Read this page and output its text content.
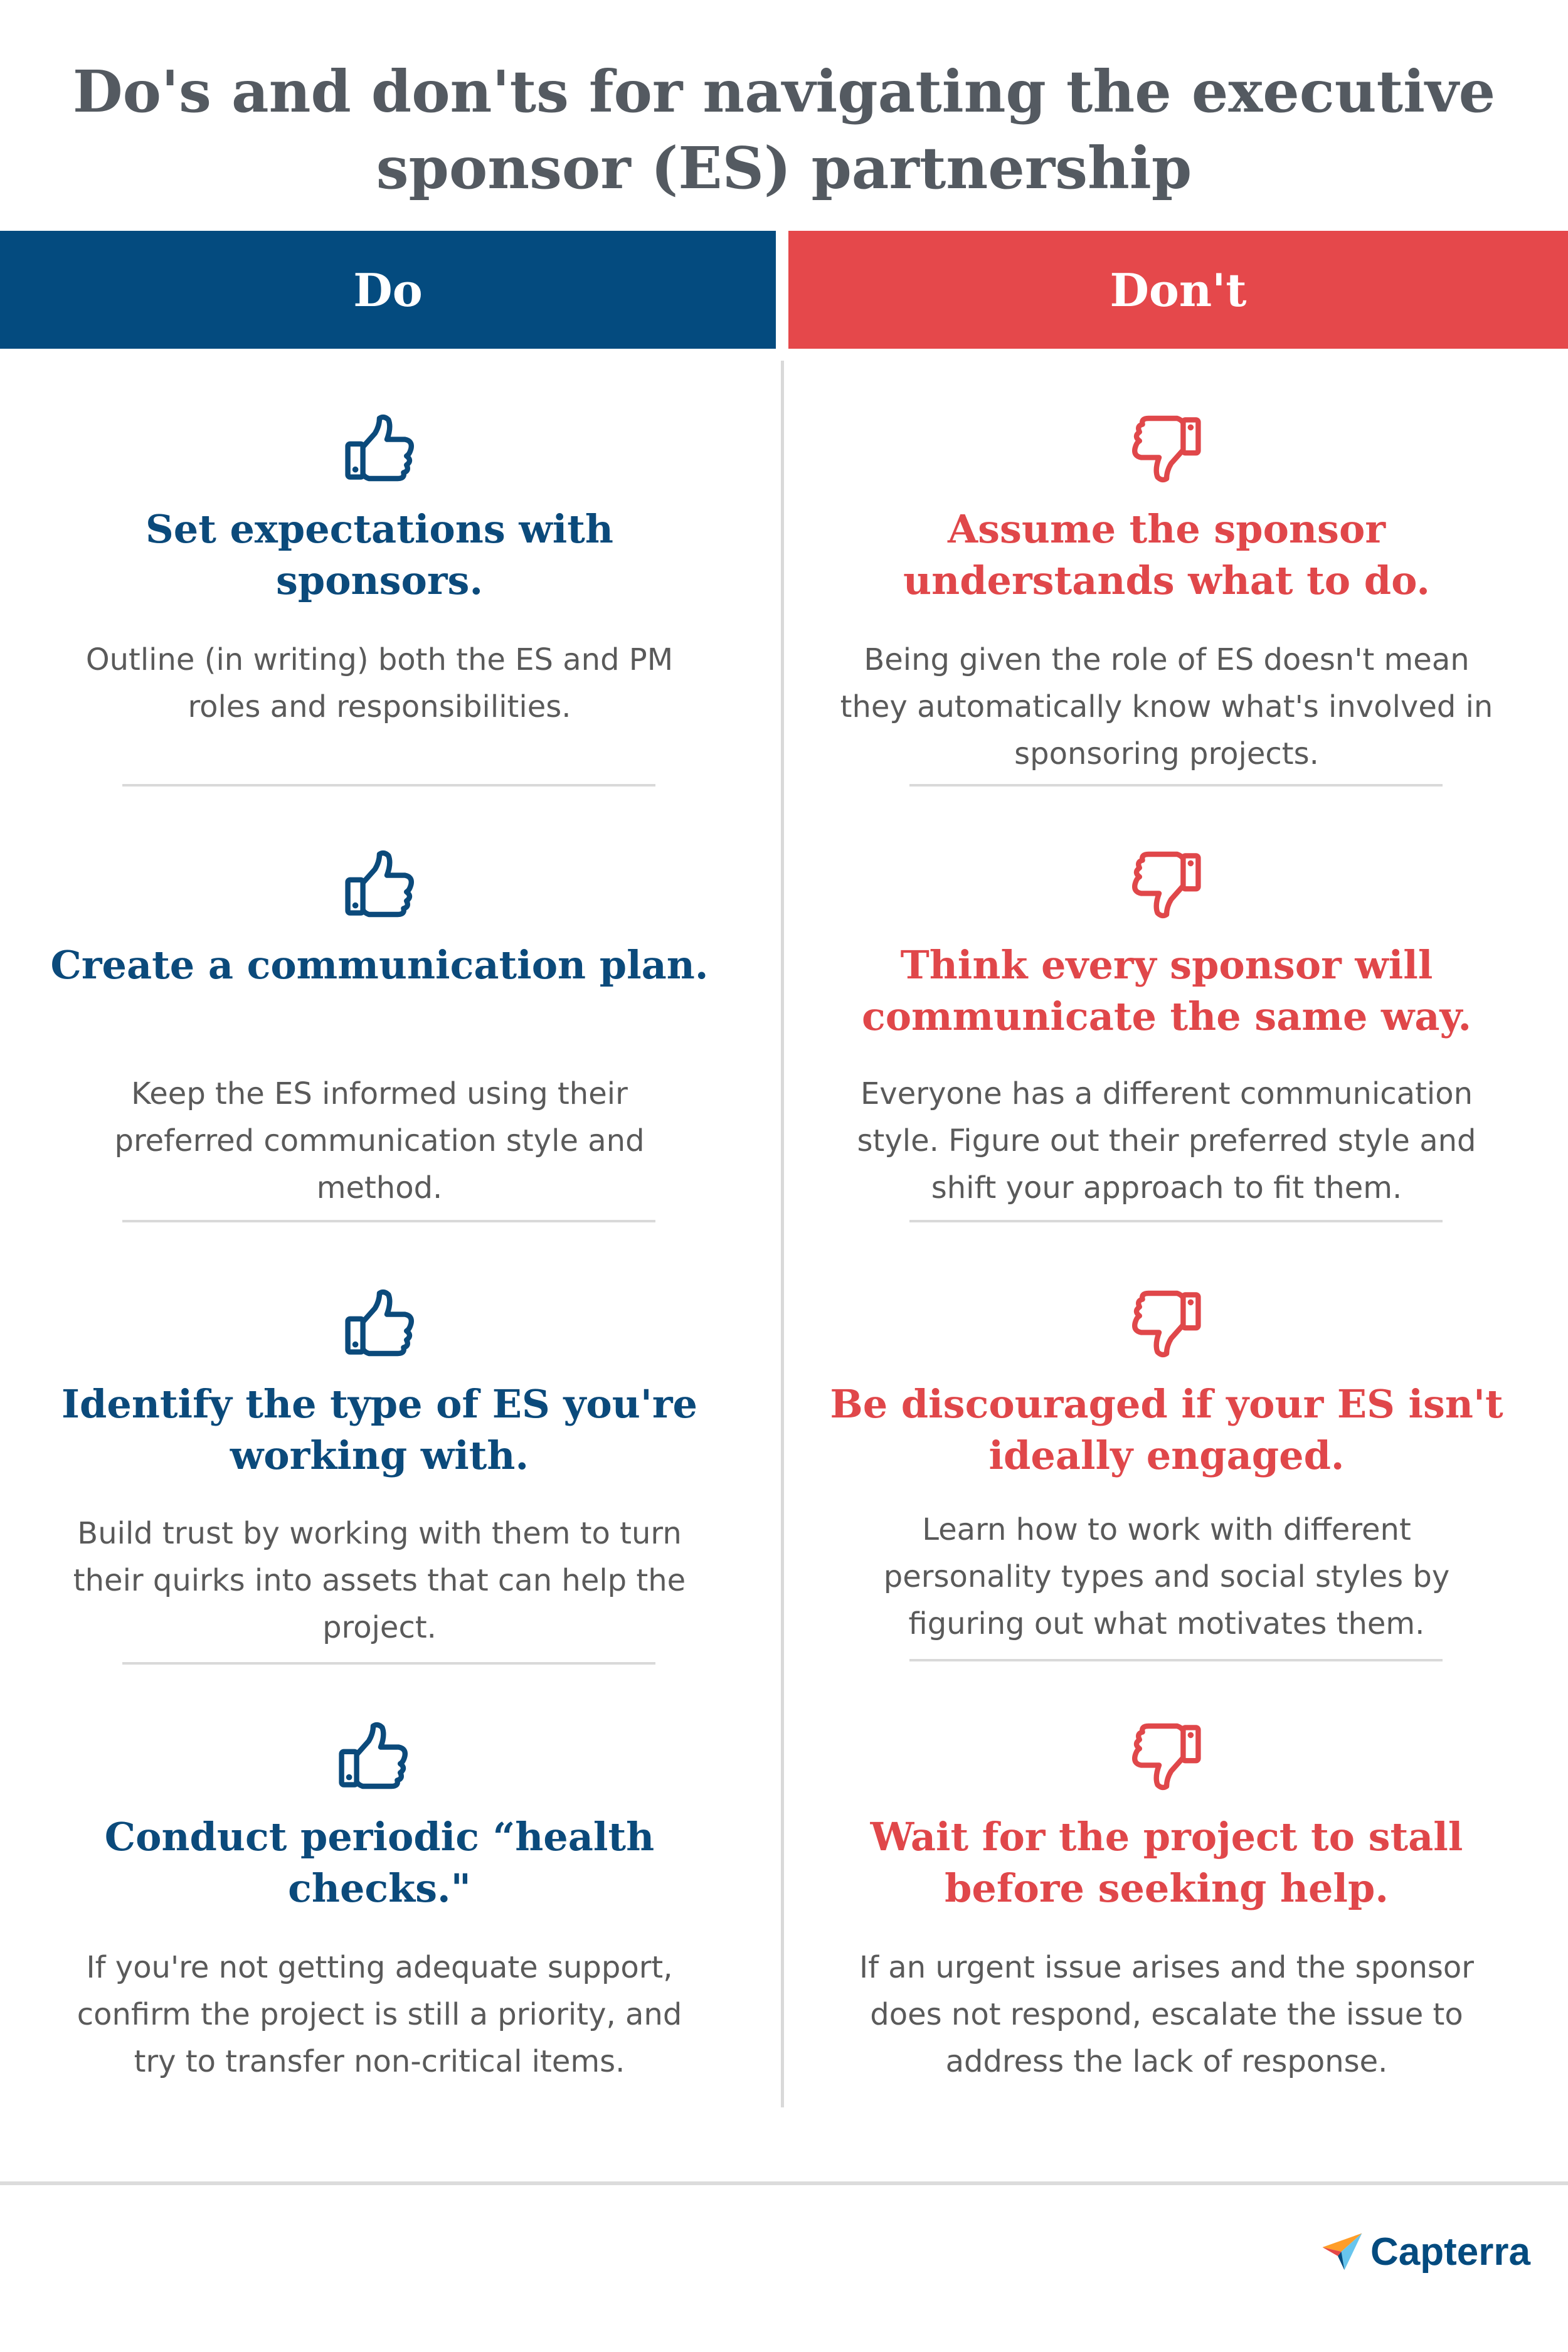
Do's and don'ts for navigating the executive
sponsor (ES) partnership
Do	Don't
Set expectations with
sponsors.

Outline (in writing) both the ES and PM
roles and responsibilities.

Create a communication plan.

Keep the ES informed using their
preferred communication style and
method.

Identify the type of ES you're
working with.

Build trust by working with them to turn
their quirks into assets that can help the
project.

Conduct periodic “health
checks."

If you're not getting adequate support,
confirm the project is still a priority, and
try to transfer non-critical items.

Assume the sponsor
understands what to do.

Being given the role of ES doesn't mean
they automatically know what's involved in
sponsoring projects.

Think every sponsor will
communicate the same way.

Everyone has a different communication
style. Figure out their preferred style and
shift your approach to fit them.

Be discouraged if your ES isn't
ideally engaged.

Learn how to work with different
personality types and social styles by
figuring out what motivates them.

Wait for the project to stall
before seeking help.

If an urgent issue arises and the sponsor
does not respond, escalate the issue to
address the lack of response.

Capterra
